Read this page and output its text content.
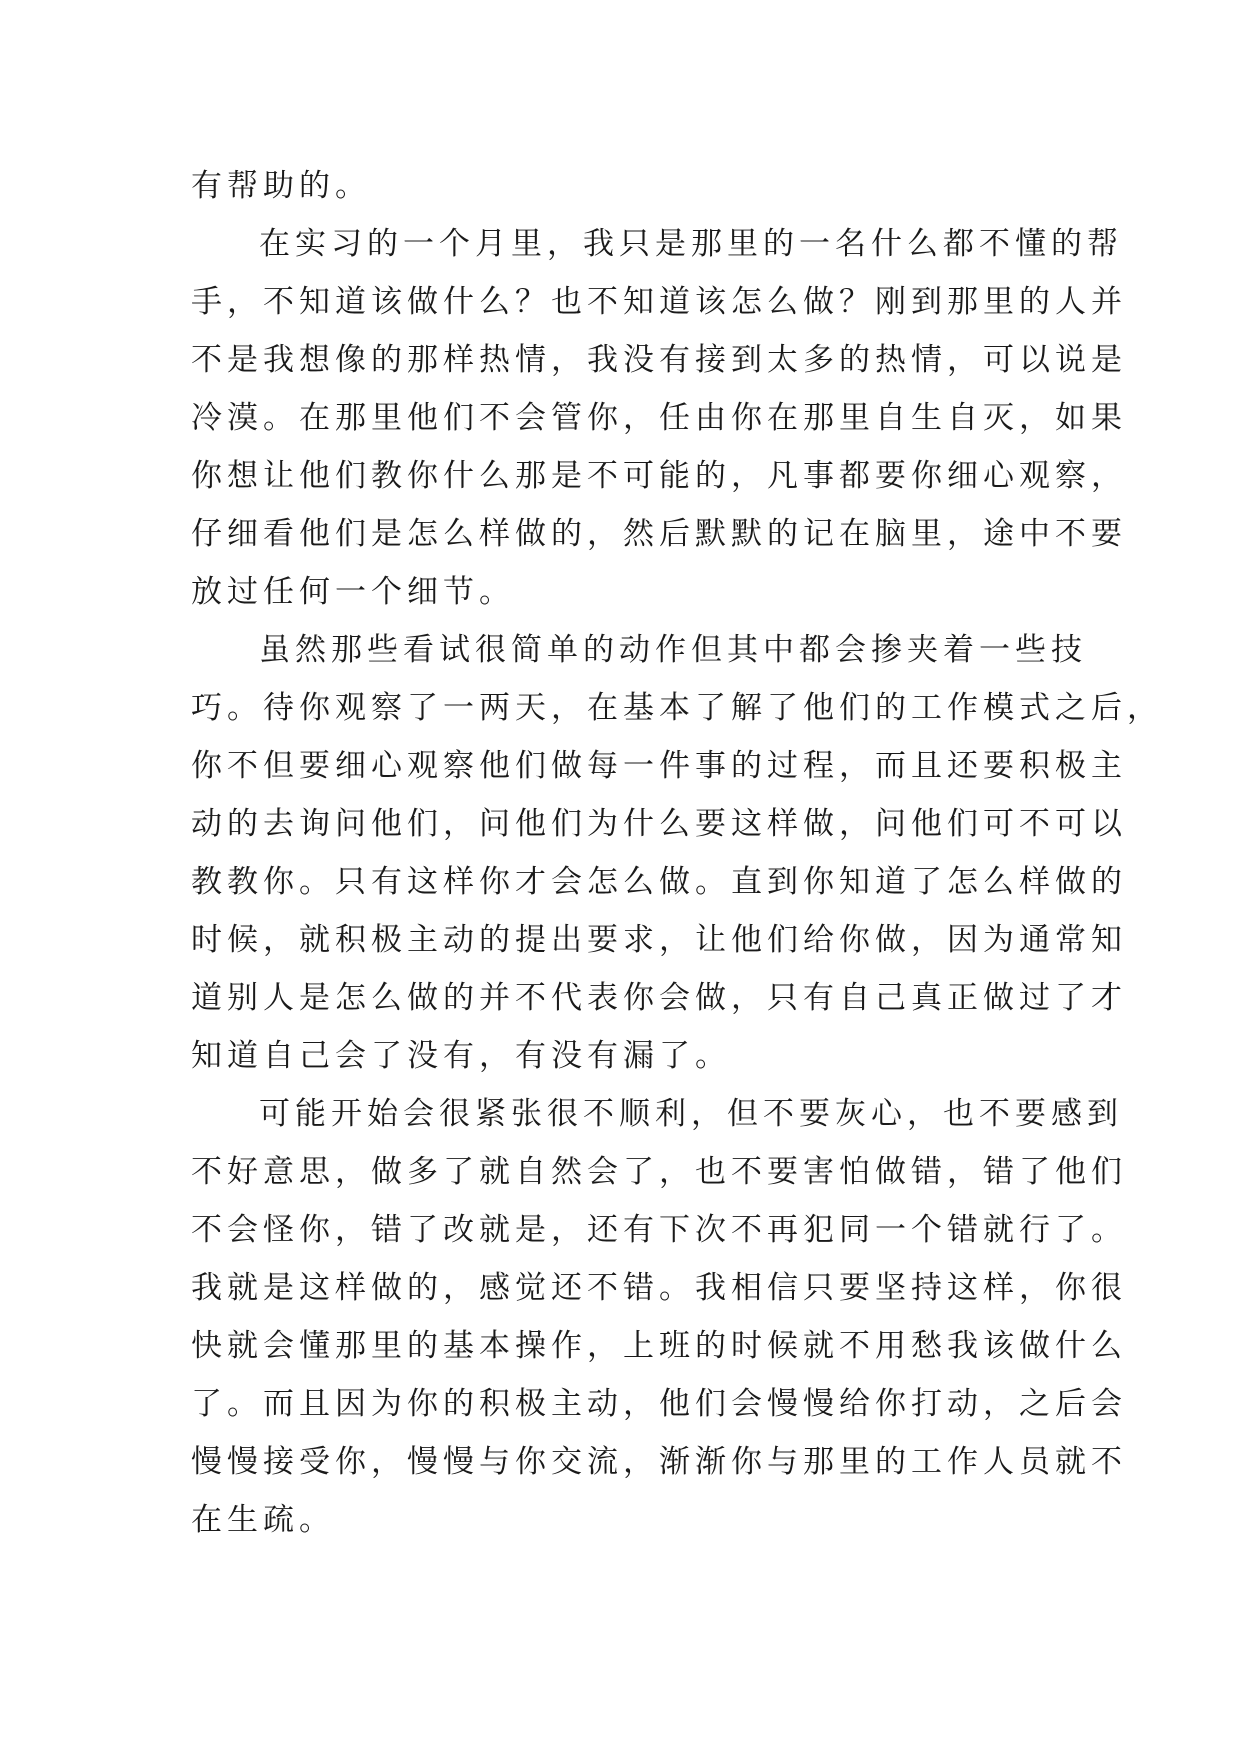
有帮助的。
在实习的一个月里，我只是那里的一名什么都不懂的帮
手，不知道该做什么？也不知道该怎么做？刚到那里的人并
不是我想像的那样热情，我没有接到太多的热情，可以说是
冷漠。在那里他们不会管你，任由你在那里自生自灭，如果
你想让他们教你什么那是不可能的，凡事都要你细心观察，
仔细看他们是怎么样做的，然后默默的记在脑里，途中不要
放过任何一个细节。
虽然那些看试很简单的动作但其中都会掺夹着一些技
巧。待你观察了一两天，在基本了解了他们的工作模式之后，
你不但要细心观察他们做每一件事的过程，而且还要积极主
动的去询问他们，问他们为什么要这样做，问他们可不可以
教教你。只有这样你才会怎么做。直到你知道了怎么样做的
时候，就积极主动的提出要求，让他们给你做，因为通常知
道别人是怎么做的并不代表你会做，只有自己真正做过了才
知道自己会了没有，有没有漏了。
可能开始会很紧张很不顺利，但不要灰心，也不要感到
不好意思，做多了就自然会了，也不要害怕做错，错了他们
不会怪你，错了改就是，还有下次不再犯同一个错就行了。
我就是这样做的，感觉还不错。我相信只要坚持这样，你很
快就会懂那里的基本操作，上班的时候就不用愁我该做什么
了。而且因为你的积极主动，他们会慢慢给你打动，之后会
慢慢接受你，慢慢与你交流，渐渐你与那里的工作人员就不
在生疏。
